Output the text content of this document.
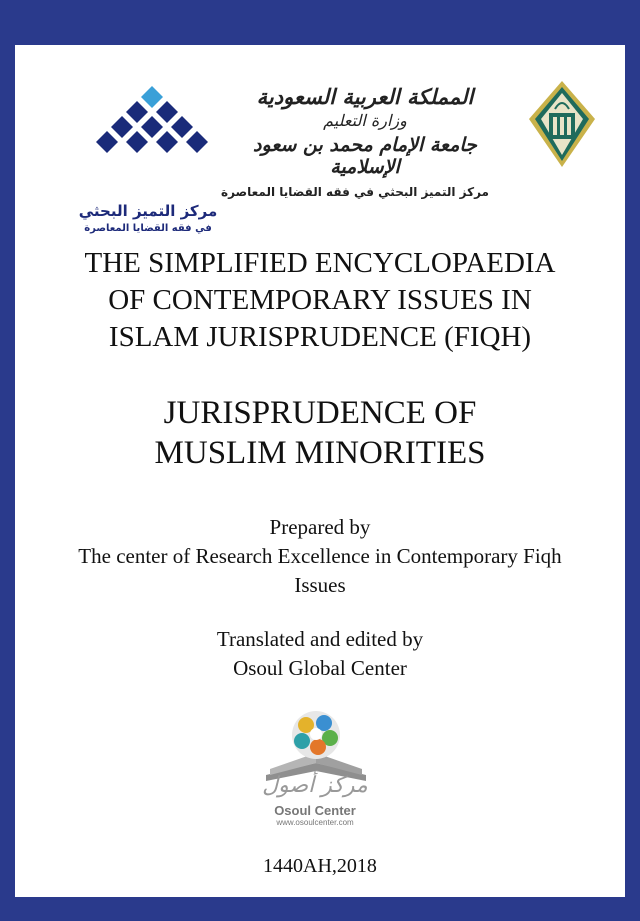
مركز التميز البحثي
في فقه القضايا المعاصرة
المملكة العربية السعودية
وزارة التعليم
جامعة الإمام محمد بن سعود الإسلامية
مركز التميز البحثي في فقه القضايا المعاصرة
THE SIMPLIFIED ENCYCLOPAEDIA
OF CONTEMPORARY ISSUES IN
ISLAM JURISPRUDENCE (FIQH)
JURISPRUDENCE OF
MUSLIM MINORITIES
Prepared by
The center of Research Excellence in Contemporary Fiqh
Issues
Translated and edited by
Osoul Global Center
مركز أصول
Osoul Center
www.osoulcenter.com
1440AH,2018
